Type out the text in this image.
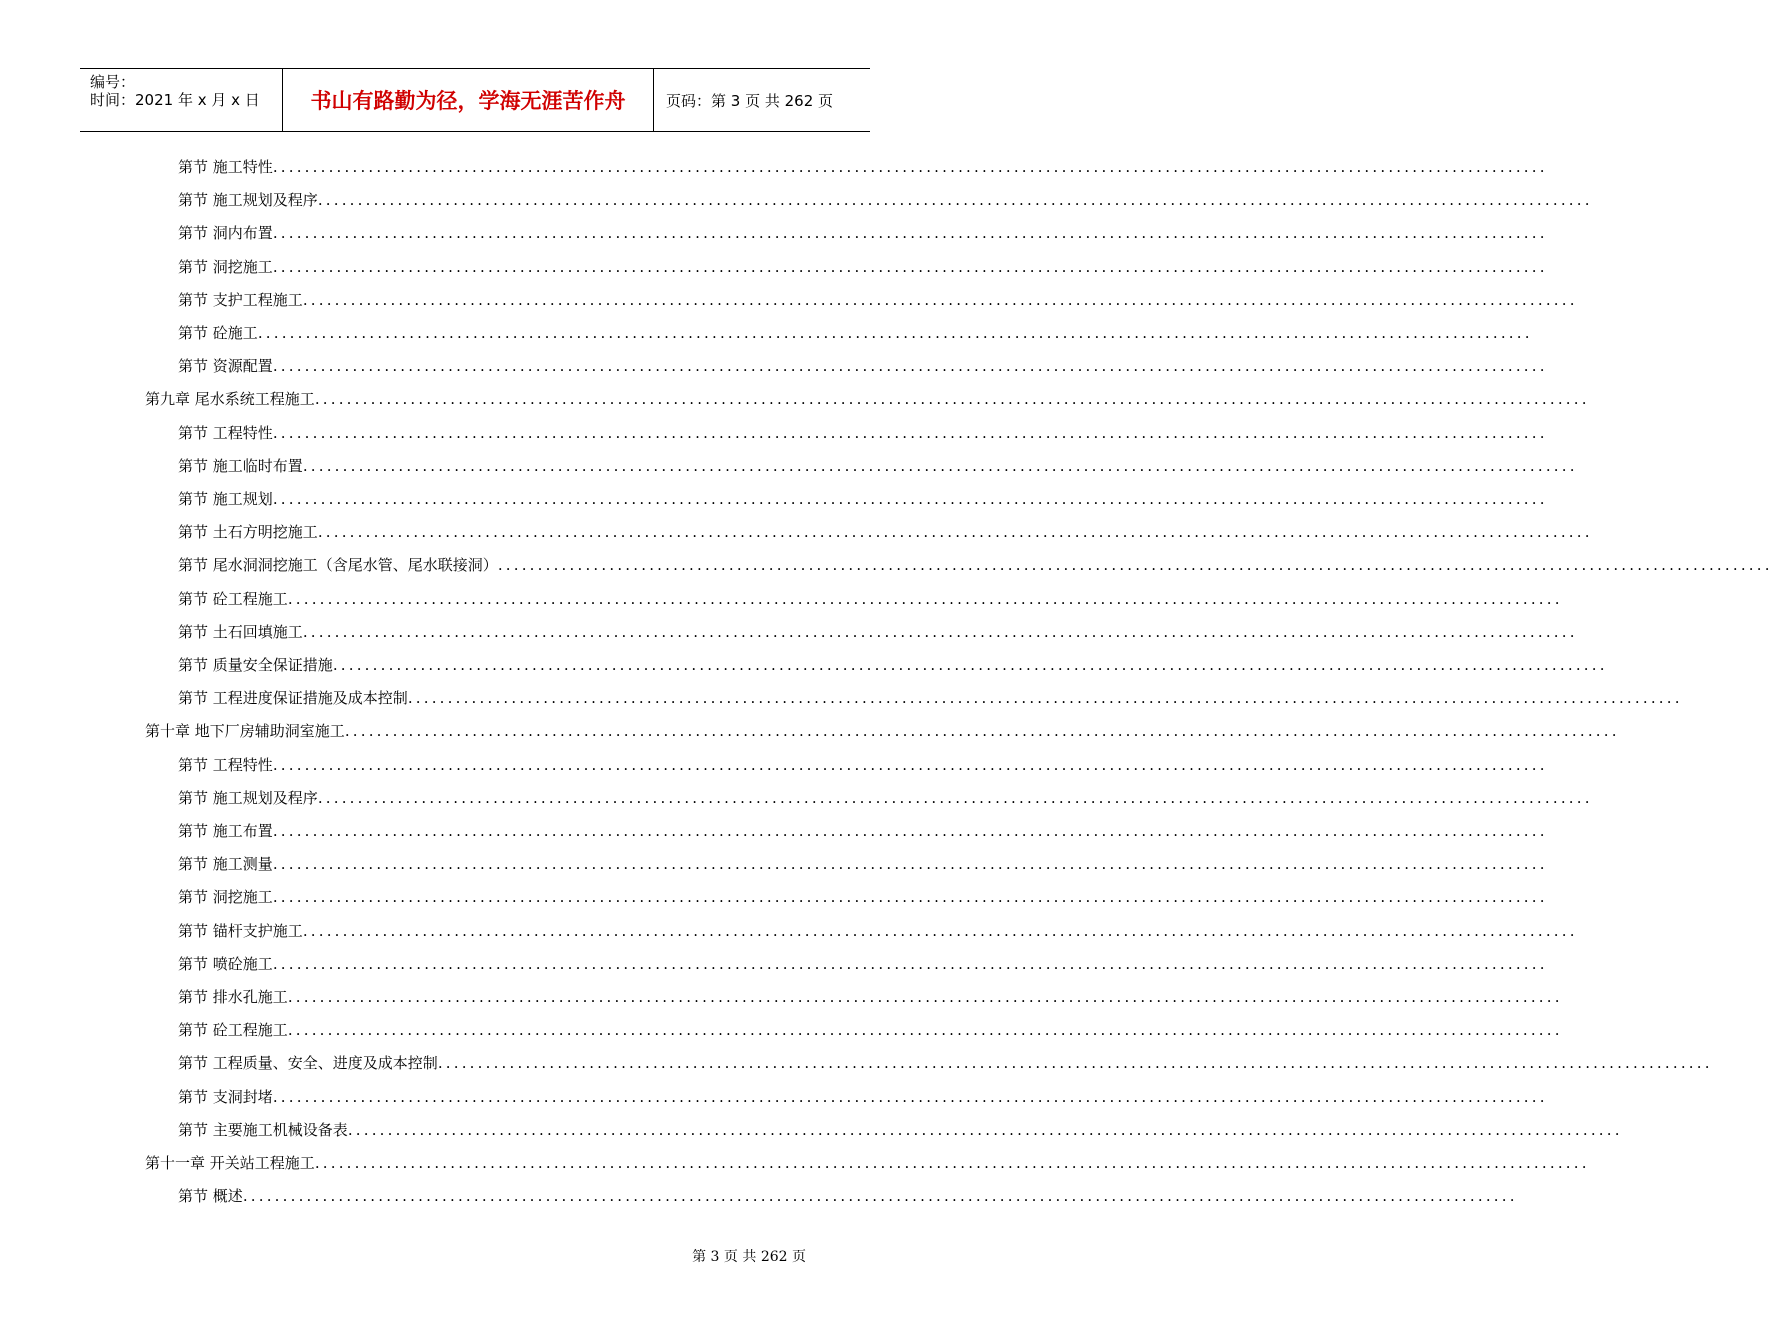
编号：
时间：2021 年 x 月 x 日	书山有路勤为径，学海无涯苦作舟	页码：第 3 页 共 262 页
第节 施工特性................................................................................................................................................................
第节 施工规划及程序................................................................................................................................................................
第节 洞内布置................................................................................................................................................................
第节 洞挖施工................................................................................................................................................................
第节 支护工程施工................................................................................................................................................................
第节 砼施工................................................................................................................................................................
第节 资源配置................................................................................................................................................................
第九章 尾水系统工程施工................................................................................................................................................................
第节 工程特性................................................................................................................................................................
第节 施工临时布置................................................................................................................................................................
第节 施工规划................................................................................................................................................................
第节 土石方明挖施工................................................................................................................................................................
第节 尾水洞洞挖施工（含尾水管、尾水联接洞）................................................................................................................................................................
第节 砼工程施工................................................................................................................................................................
第节 土石回填施工................................................................................................................................................................
第节 质量安全保证措施................................................................................................................................................................
第节 工程进度保证措施及成本控制................................................................................................................................................................
第十章 地下厂房辅助洞室施工................................................................................................................................................................
第节 工程特性................................................................................................................................................................
第节 施工规划及程序................................................................................................................................................................
第节 施工布置................................................................................................................................................................
第节 施工测量................................................................................................................................................................
第节 洞挖施工................................................................................................................................................................
第节 锚杆支护施工................................................................................................................................................................
第节 喷砼施工................................................................................................................................................................
第节 排水孔施工................................................................................................................................................................
第节 砼工程施工................................................................................................................................................................
第节 工程质量、安全、进度及成本控制................................................................................................................................................................
第节 支洞封堵................................................................................................................................................................
第节 主要施工机械设备表................................................................................................................................................................
第十一章 开关站工程施工................................................................................................................................................................
第节 概述................................................................................................................................................................
第 3 页 共 262 页
